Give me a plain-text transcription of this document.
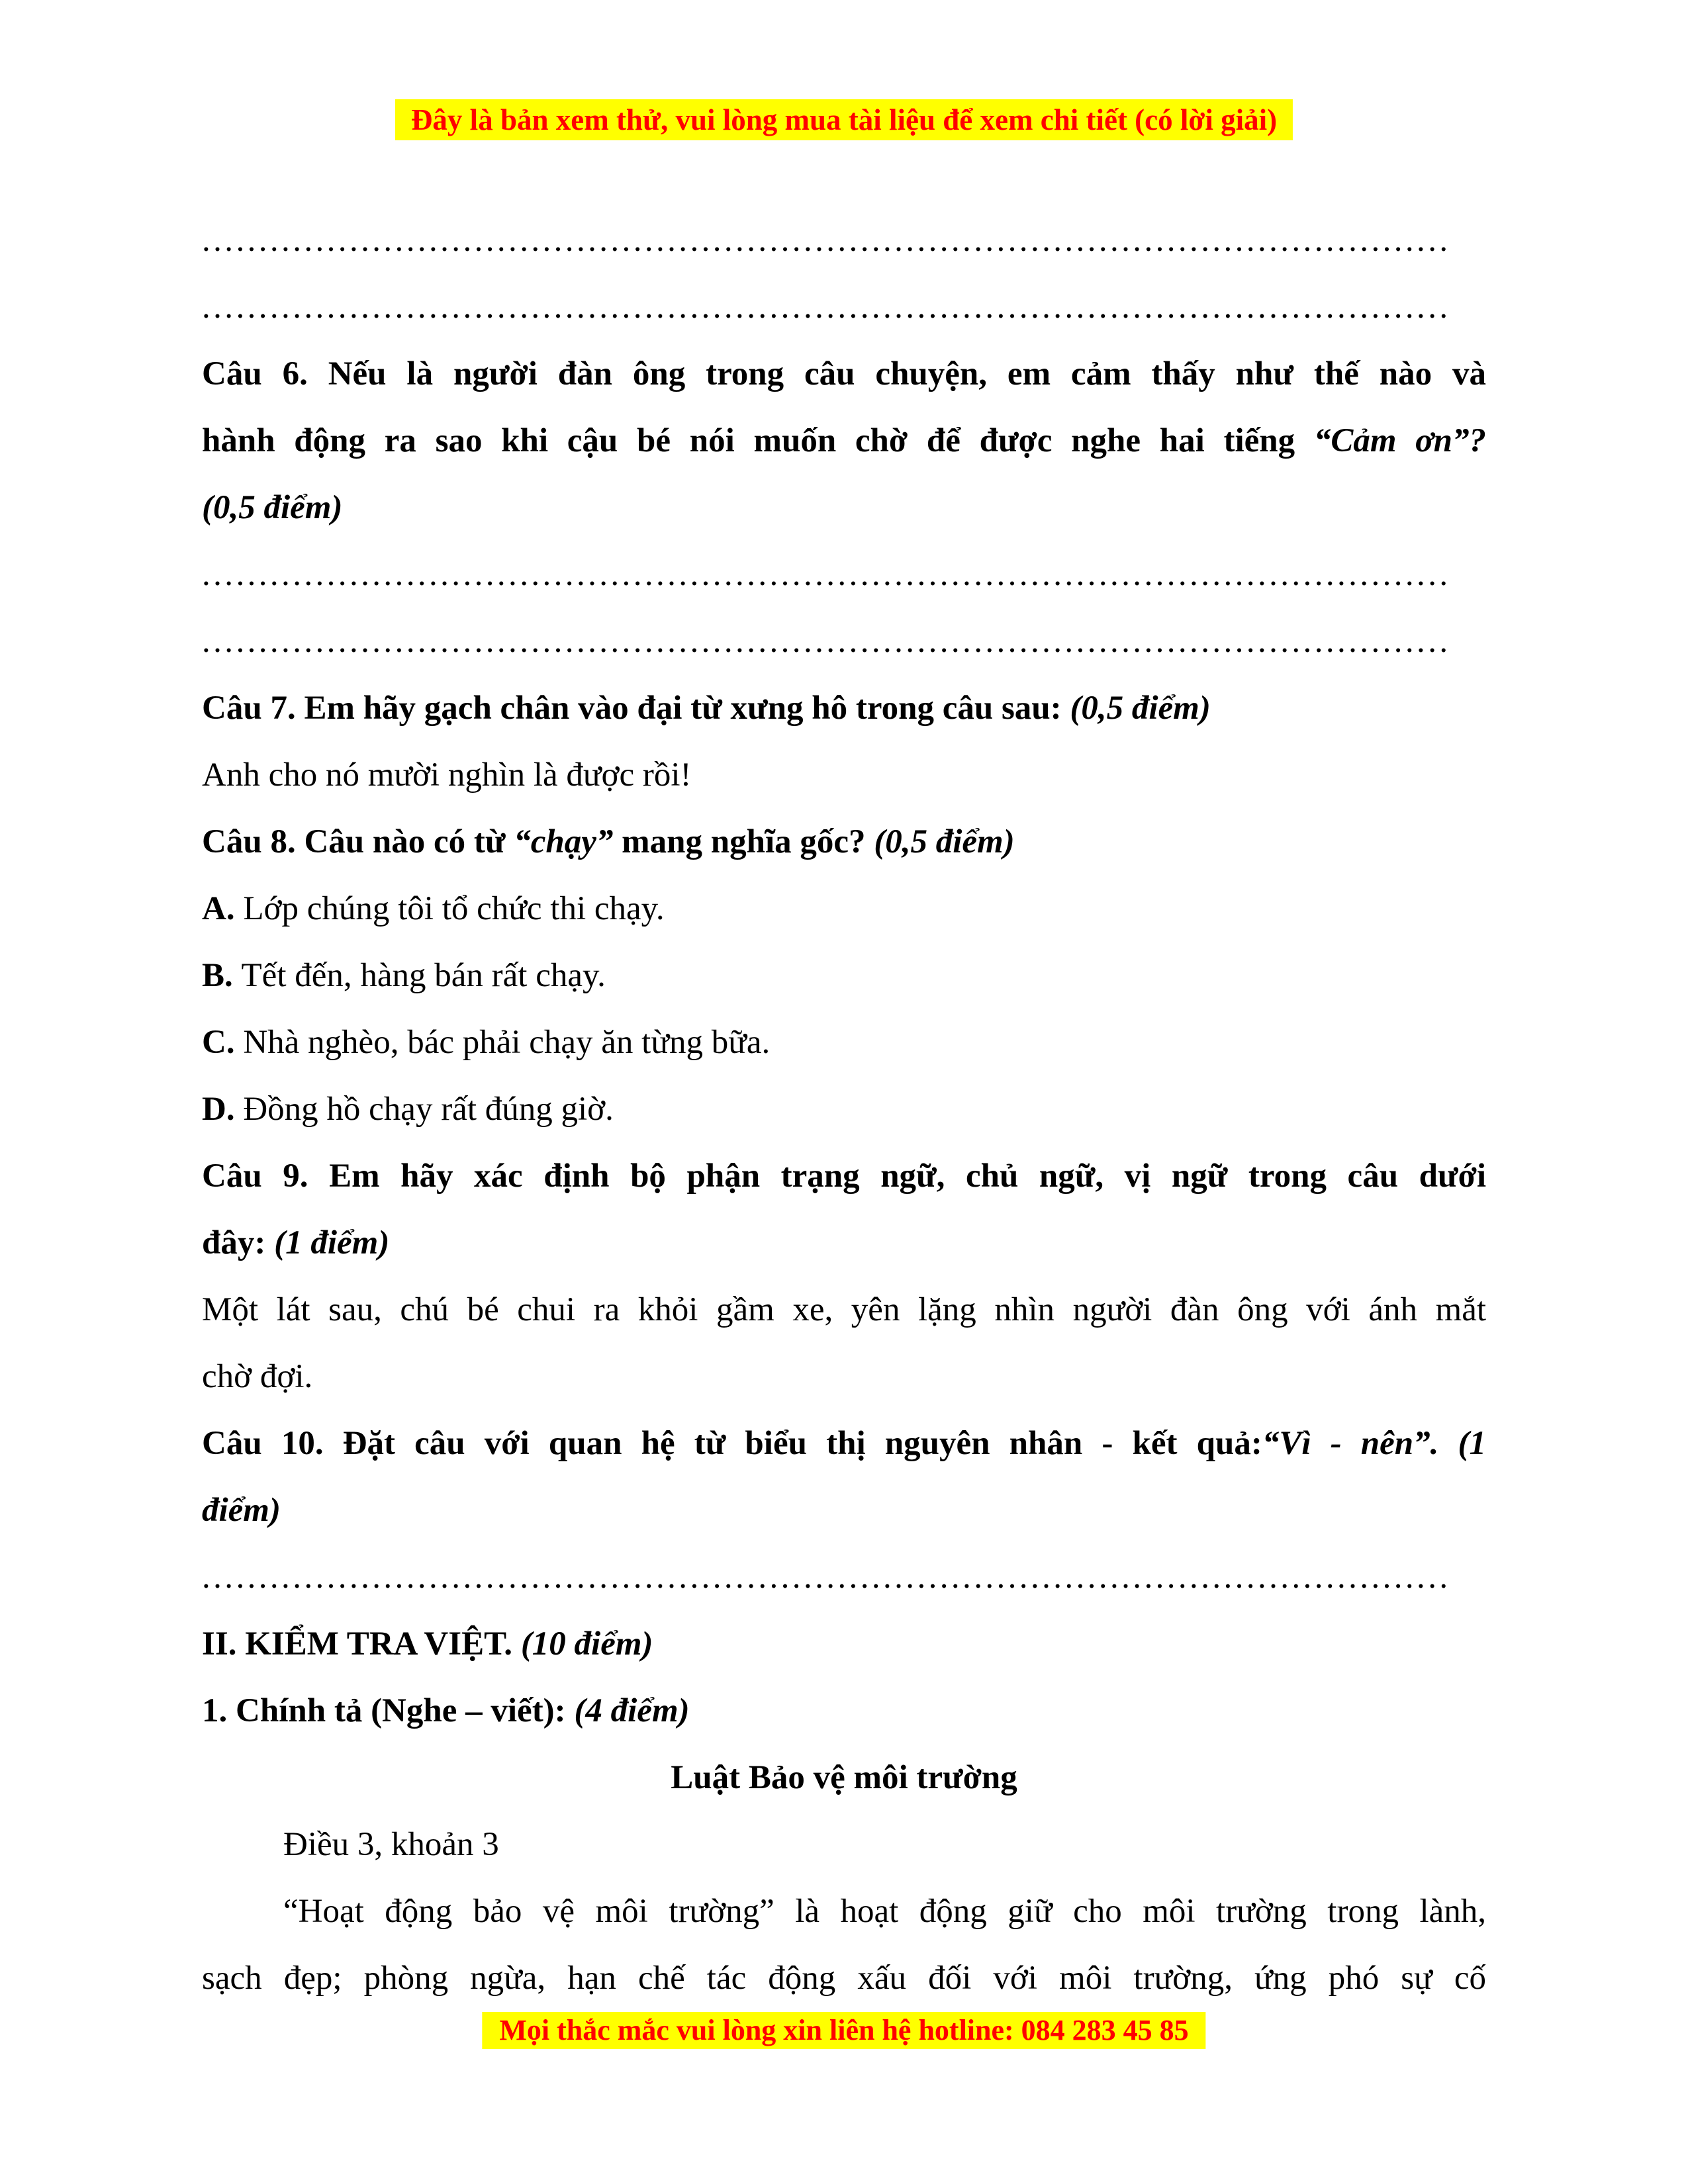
Đây là bản xem thử, vui lòng mua tài liệu để xem chi tiết (có lời giải)
..............................................................................................................
..............................................................................................................
Câu 6. Nếu là người đàn ông trong câu chuyện, em cảm thấy như thế nào và
hành động ra sao khi cậu bé nói muốn chờ để được nghe hai tiếng “Cảm ơn”?
(0,5 điểm)
..............................................................................................................
..............................................................................................................
Câu 7. Em hãy gạch chân vào đại từ xưng hô trong câu sau: (0,5 điểm)
Anh cho nó mười nghìn là được rồi!
Câu 8. Câu nào có từ “chạy” mang nghĩa gốc? (0,5 điểm)
A. Lớp chúng tôi tổ chức thi chạy.
B. Tết đến, hàng bán rất chạy.
C. Nhà nghèo, bác phải chạy ăn từng bữa.
D. Đồng hồ chạy rất đúng giờ.
Câu 9. Em hãy xác định bộ phận trạng ngữ, chủ ngữ, vị ngữ trong câu dưới
đây: (1 điểm)
Một lát sau, chú bé chui ra khỏi gầm xe, yên lặng nhìn người đàn ông với ánh mắt
chờ đợi.
Câu 10. Đặt câu với quan hệ từ biểu thị nguyên nhân - kết quả:“Vì - nên”. (1
điểm)
..............................................................................................................
II. KIỂM TRA VIỆT. (10 điểm)
1. Chính tả (Nghe – viết): (4 điểm)
Luật Bảo vệ môi trường
Điều 3, khoản 3
“Hoạt động bảo vệ môi trường” là hoạt động giữ cho môi trường trong lành,
sạch đẹp; phòng ngừa, hạn chế tác động xấu đối với môi trường, ứng phó sự cố
Mọi thắc mắc vui lòng xin liên hệ hotline: 084 283 45 85
